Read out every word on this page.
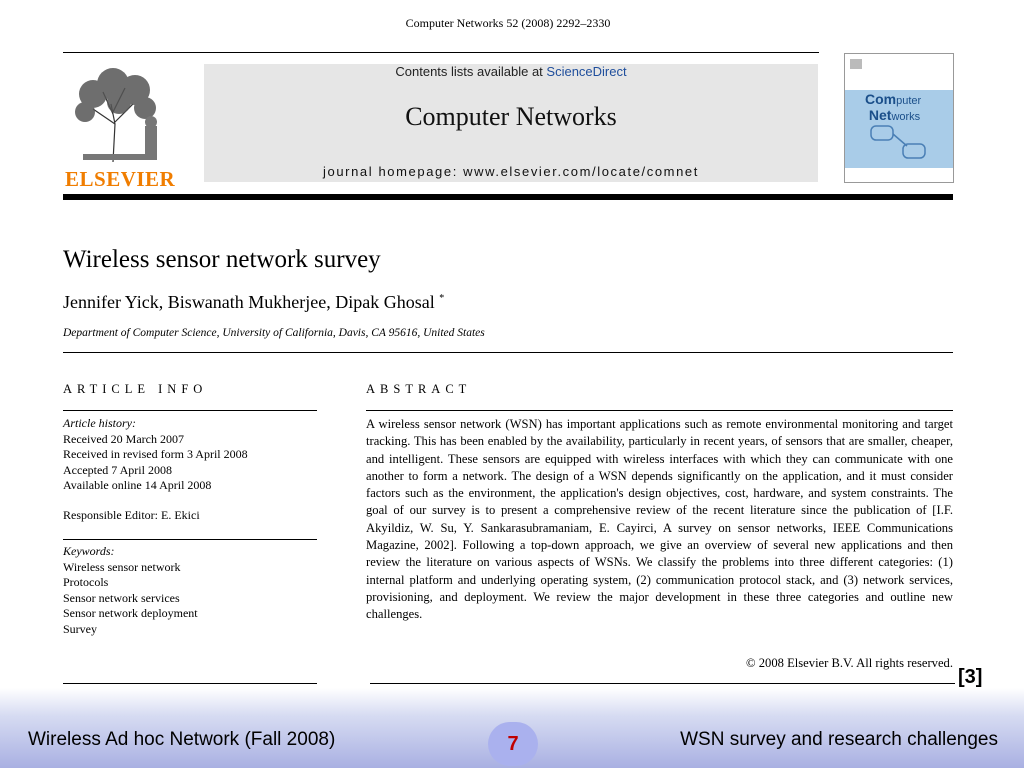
Computer Networks 52 (2008) 2292–2330
ELSEVIER
Contents lists available at ScienceDirect
Computer Networks
journal homepage: www.elsevier.com/locate/comnet
Computer
Networks
Wireless sensor network survey
Jennifer Yick, Biswanath Mukherjee, Dipak Ghosal *
Department of Computer Science, University of California, Davis, CA 95616, United States
ARTICLE INFO	ABSTRACT
Article history:
Received 20 March 2007
Received in revised form 3 April 2008
Accepted 7 April 2008
Available online 14 April 2008
Responsible Editor: E. Ekici
Keywords:
Wireless sensor network
Protocols
Sensor network services
Sensor network deployment
Survey
A wireless sensor network (WSN) has important applications such as remote environmental monitoring and target tracking. This has been enabled by the availability, particularly in recent years, of sensors that are smaller, cheaper, and intelligent. These sensors are equipped with wireless interfaces with which they can communicate with one another to form a network. The design of a WSN depends significantly on the application, and it must consider factors such as the environment, the application's design objectives, cost, hardware, and system constraints. The goal of our survey is to present a comprehensive review of the recent literature since the publication of [I.F. Akyildiz, W. Su, Y. Sankarasubramaniam, E. Cayirci, A survey on sensor networks, IEEE Communications Magazine, 2002]. Following a top-down approach, we give an overview of several new applications and then review the literature on various aspects of WSNs. We classify the problems into three different categories: (1) internal platform and underlying operating system, (2) communication protocol stack, and (3) network services, provisioning, and deployment. We review the major development in these three categories and outline new challenges.
© 2008 Elsevier B.V. All rights reserved.
[3]
Wireless Ad hoc Network (Fall 2008)	7	WSN survey and research challenges
